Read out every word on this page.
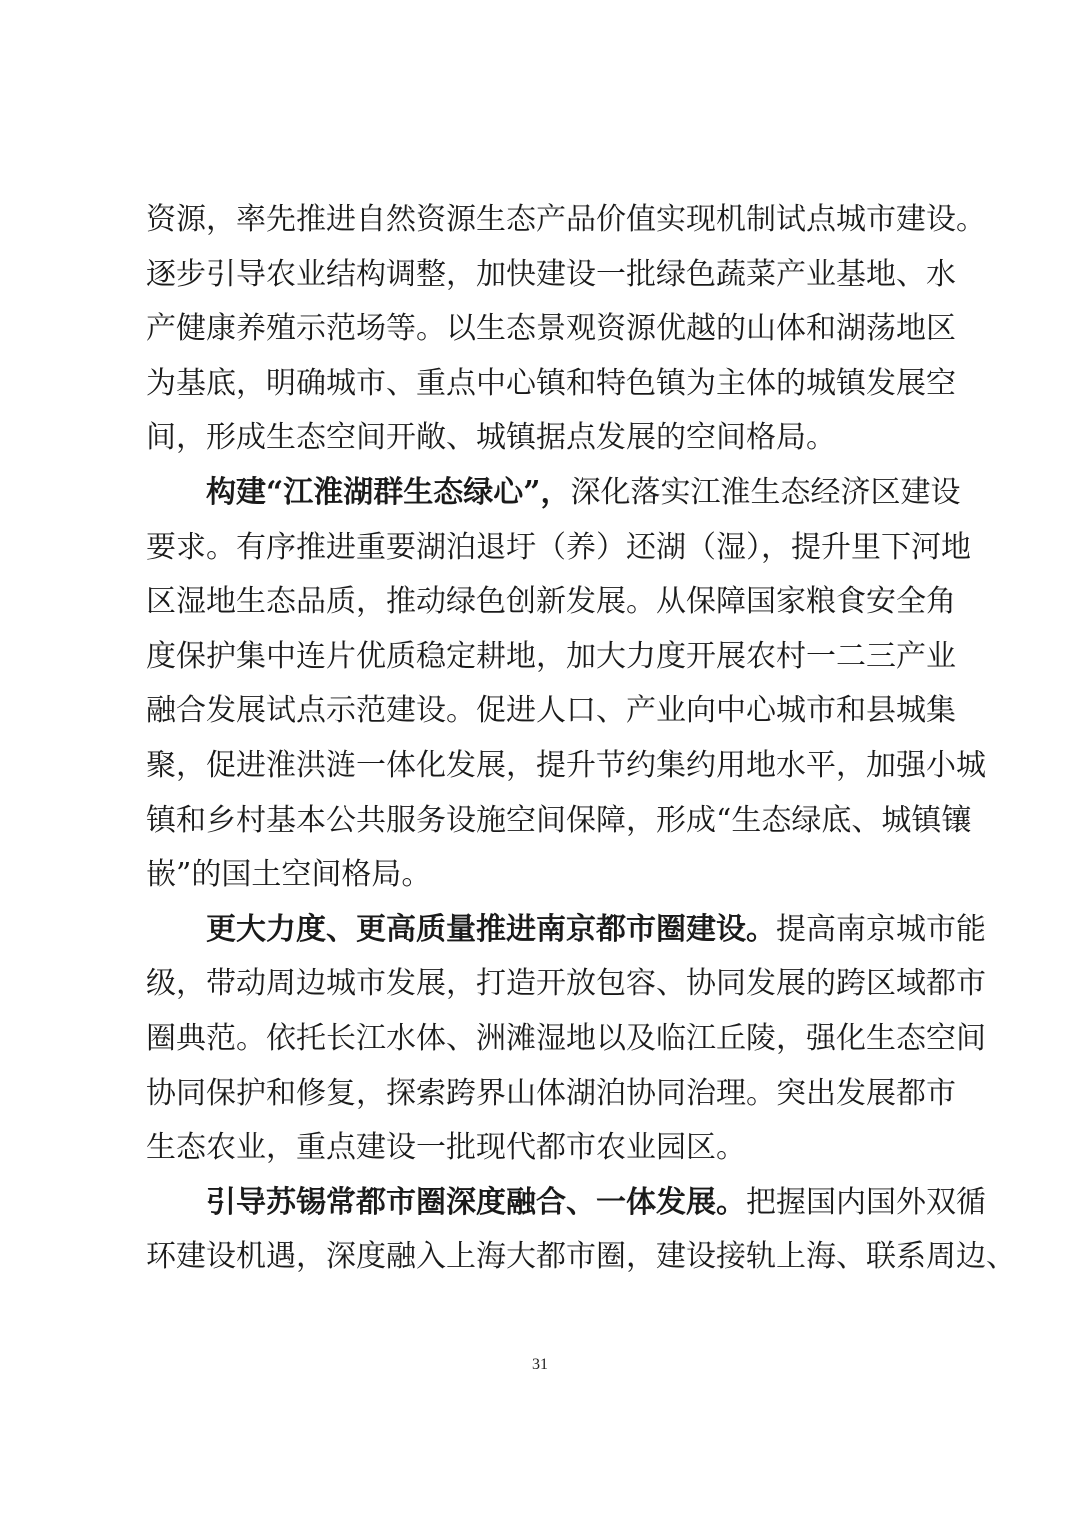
资源，率先推进自然资源生态产品价值实现机制试点城市建设。
逐步引导农业结构调整，加快建设一批绿色蔬菜产业基地、水
产健康养殖示范场等。以生态景观资源优越的山体和湖荡地区
为基底，明确城市、重点中心镇和特色镇为主体的城镇发展空
间，形成生态空间开敞、城镇据点发展的空间格局。
构建“江淮湖群生态绿心”，深化落实江淮生态经济区建设
要求。有序推进重要湖泊退圩（养）还湖（湿），提升里下河地
区湿地生态品质，推动绿色创新发展。从保障国家粮食安全角
度保护集中连片优质稳定耕地，加大力度开展农村一二三产业
融合发展试点示范建设。促进人口、产业向中心城市和县城集
聚，促进淮洪涟一体化发展，提升节约集约用地水平，加强小城
镇和乡村基本公共服务设施空间保障，形成“生态绿底、城镇镶
嵌”的国土空间格局。
更大力度、更高质量推进南京都市圈建设。提高南京城市能
级，带动周边城市发展，打造开放包容、协同发展的跨区域都市
圈典范。依托长江水体、洲滩湿地以及临江丘陵，强化生态空间
协同保护和修复，探索跨界山体湖泊协同治理。突出发展都市
生态农业，重点建设一批现代都市农业园区。
引导苏锡常都市圈深度融合、一体发展。把握国内国外双循
环建设机遇，深度融入上海大都市圈，建设接轨上海、联系周边、
31
